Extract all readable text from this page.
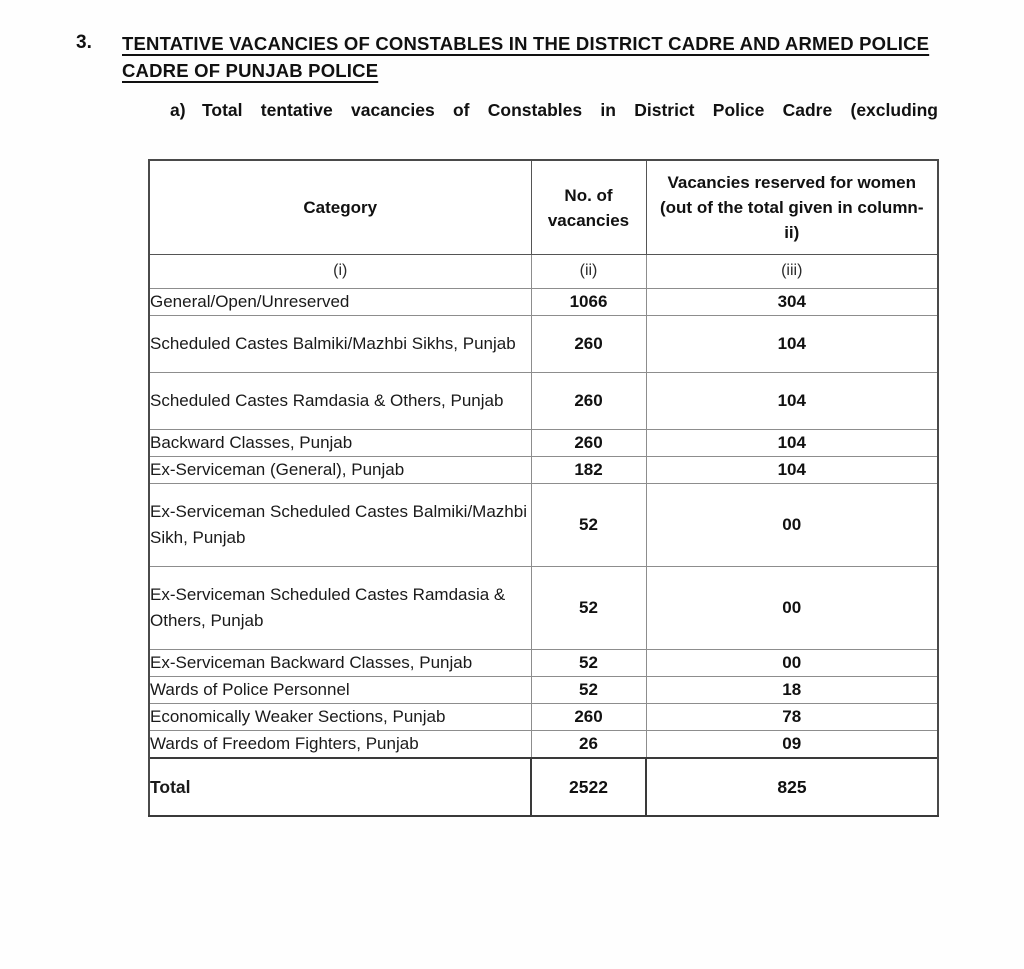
3.	TENTATIVE VACANCIES OF CONSTABLES IN THE DISTRICT CADRE AND ARMED POLICE
CADRE OF PUNJAB POLICE
a) Total tentative vacancies of Constables in District Police Cadre (excluding
Category	No. of vacancies	Vacancies reserved for women (out of the total given in column-ii)
(i)	(ii)	(iii)
General/Open/Unreserved	1066	304
Scheduled Castes Balmiki/Mazhbi Sikhs, Punjab	260	104
Scheduled Castes Ramdasia & Others, Punjab	260	104
Backward Classes, Punjab	260	104
Ex-Serviceman (General), Punjab	182	104
Ex-Serviceman Scheduled Castes Balmiki/Mazhbi Sikh, Punjab	52	00
Ex-Serviceman Scheduled Castes Ramdasia & Others, Punjab	52	00
Ex-Serviceman Backward Classes, Punjab	52	00
Wards of Police Personnel	52	18
Economically Weaker Sections, Punjab	260	78
Wards of Freedom Fighters, Punjab	26	09
Total	2522	825
